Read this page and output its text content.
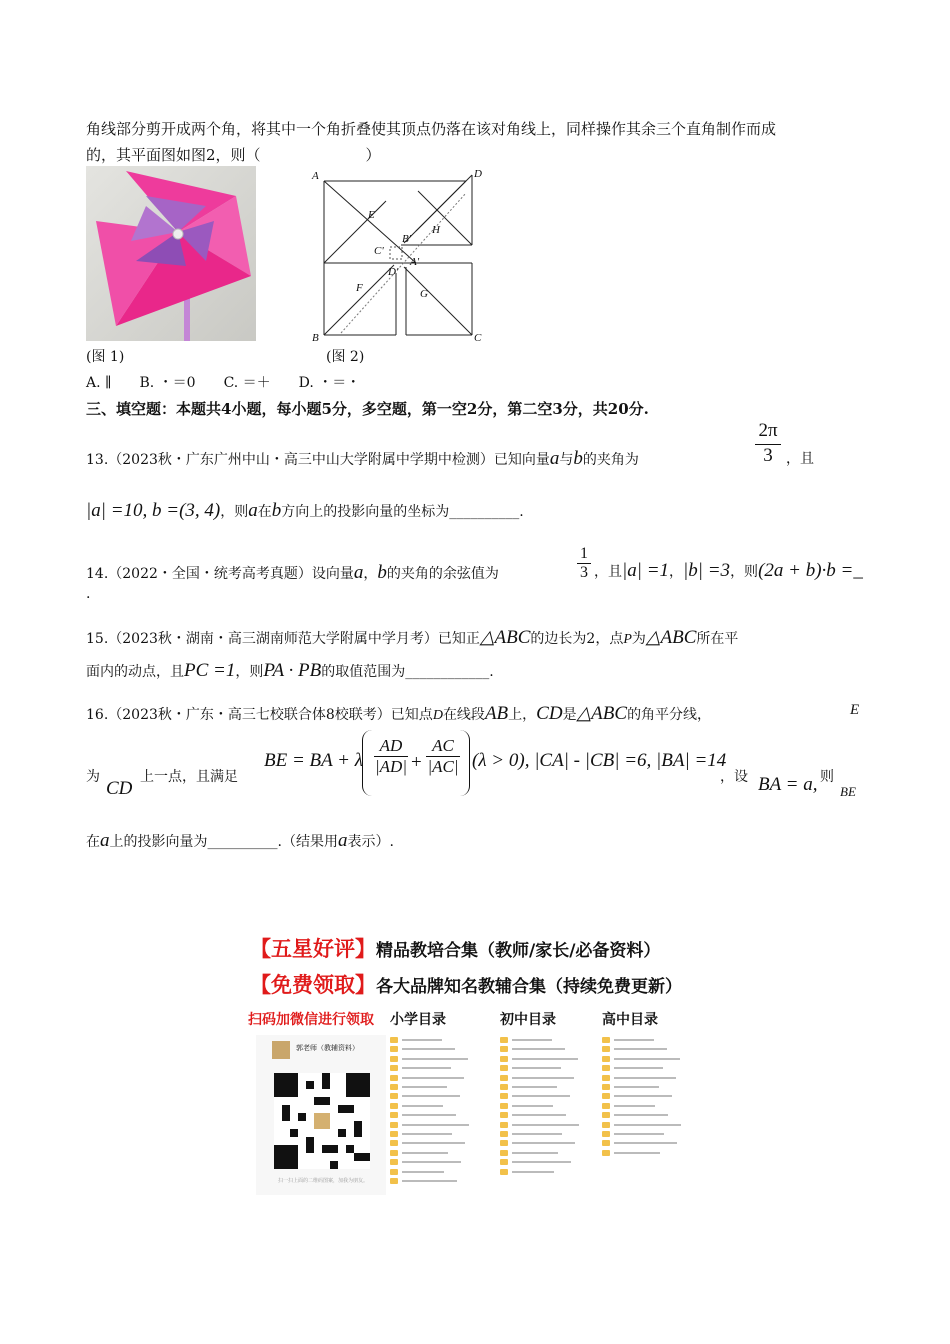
角线部分剪开成两个角，将其中一个角折叠使其顶点仍落在该对角线上，同样操作其余三个直角制作而成
的，其平面图如图2，则（　　　　　　　）
(图 1)
A	D
E
H
C'
B'
A'
D'
F	G
B	C
(图 2)
A. ∥　　B. ・＝0　　C. ＝＋　　D. ・＝・
三、填空题：本题共4小题，每小题5分，多空题，第一空2分，第二空3分，共20分.
13.（2023秋・广东广州中山・高三中山大学附属中学期中检测）已知向量a与b的夹角为
2π
3 ，且
|a| =10, b =(3, 4)，则a在b方向上的投影向量的坐标为__________.
14.（2022・全国・统考高考真题）设向量a，b的夹角的余弦值为
1
3 ，且|a| =1，|b| =3，则(2a + b)·b =_
.
15.（2023秋・湖南・高三湖南师范大学附属中学月考）已知正△ABC的边长为2，点P为△ABC所在平
面内的动点，且PC =1，则PA · PB的取值范围为____________.
16.（2023秋・广东・高三七校联合体8校联考）已知点D在线段AB上，CD是△ABC的角平分线，	E
为
CD
上一点，且满足
BE = BA + λ
AD
|AD| +
AC
|AC| (λ > 0), |CA| - |CB| =6, |BA| =14
，设 BA = a, 则
BE
在a上的投影向量为__________.（结果用a表示）.
【五星好评】精品教培合集（教师/家长/必备资料）
【免费领取】各大品牌知名教辅合集（持续免费更新）
扫码加微信进行领取 小学目录	初中目录	高中目录
郭老师（教辅资料）
扫一扫上面的二维码图案，加我为朋友。
